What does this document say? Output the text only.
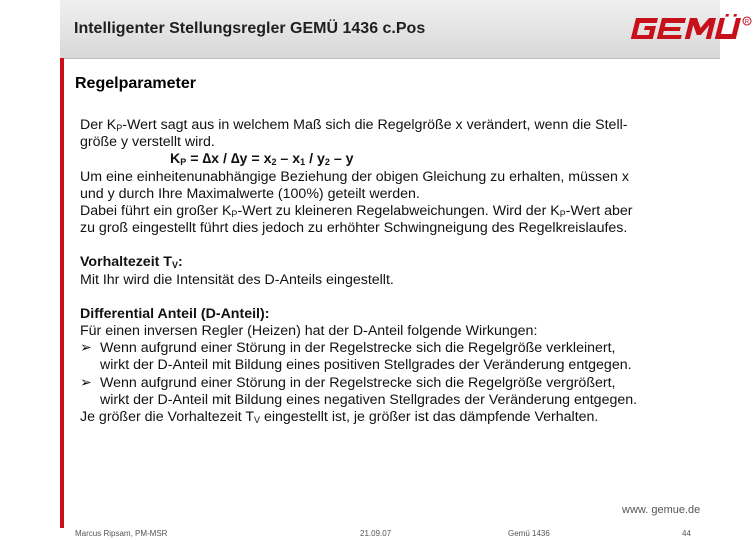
Intelligenter Stellungsregler GEMÜ 1436 c.Pos	R
Regelparameter

Der $K_P$-Wert sagt aus in welchem Maß sich die Regelgröße x verändert, wenn die Stell-

größe y verstellt wird.

$K_P = \Delta x / \Delta y = x_2 - x_1 / y_2 - y$

Um eine einheitenunabhängige Beziehung der obigen Gleichung zu erhalten, müssen x

und y durch Ihre Maximalwerte (100%) geteilt werden.

Dabei führt ein großer $K_P$-Wert zu kleineren Regelabweichungen. Wird der $K_P$-Wert aber

zu groß eingestellt führt dies jedoch zu erhöhter Schwingneigung des Regelkreislaufes.

Vorhaltezeit $T_V$:

Mit Ihr wird die Intensität des D-Anteils eingestellt.

Differential Anteil (D-Anteil):

Für einen inversen Regler (Heizen) hat der D-Anteil folgende Wirkungen:

➢ Wenn aufgrund einer Störung in der Regelstrecke sich die Regelgröße verkleinert,
wirkt der D-Anteil mit Bildung eines positiven Stellgrades der Veränderung entgegen.
➢ Wenn aufgrund einer Störung in der Regelstrecke sich die Regelgröße vergrößert,
wirkt der D-Anteil mit Bildung eines negativen Stellgrades der Veränderung entgegen.

Je größer die Vorhaltezeit $T_V$ eingestellt ist, je größer ist das dämpfende Verhalten.

www. gemue.de
Marcus Ripsam, PM-MSR	21.09.07	Gemü 1436	44
